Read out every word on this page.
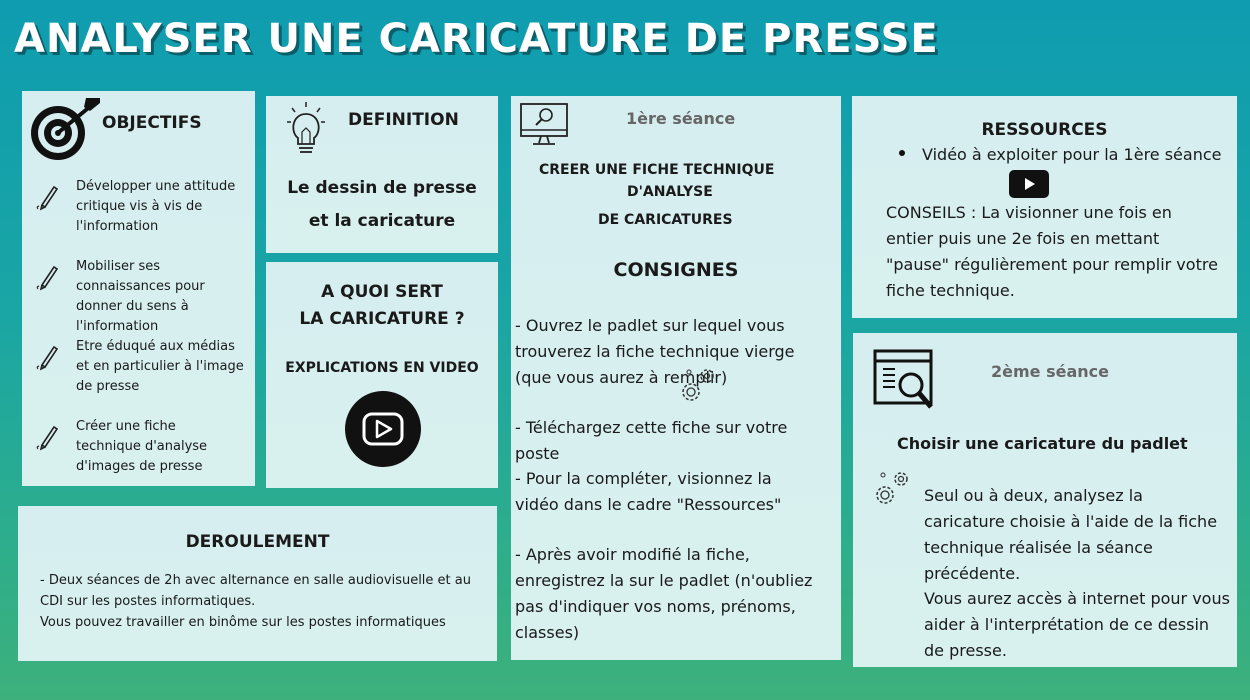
ANALYSER UNE CARICATURE DE PRESSE
OBJECTIFS
Développer une attitude critique vis à vis de l'information
Mobiliser ses connaissances pour donner du sens à l'information
Etre éduqué aux médias et en particulier à l'image de presse
Créer une fiche technique d'analyse d'images de presse
DEFINITION
Le dessin de presse
et la caricature
A QUOI SERT
LA CARICATURE ?
EXPLICATIONS EN VIDEO
DEROULEMENT
- Deux séances de 2h avec alternance en salle audiovisuelle et au CDI sur les postes informatiques.
Vous pouvez travailler en binôme sur les postes informatiques
1ère séance
CREER UNE FICHE TECHNIQUE
D'ANALYSE
DE CARICATURES
CONSIGNES
- Ouvrez le padlet sur lequel vous trouverez la fiche technique vierge (que vous aurez à remplir)
- Téléchargez cette fiche sur votre poste
- Pour la compléter, visionnez la vidéo dans le cadre "Ressources"
- Après avoir modifié la fiche, enregistrez la sur le padlet (n'oubliez pas d'indiquer vos noms, prénoms, classes)
RESSOURCES
Vidéo à exploiter pour la 1ère séance
CONSEILS : La visionner une fois en entier puis une 2e fois en mettant "pause" régulièrement pour remplir votre fiche technique.
2ème séance
Choisir une caricature du padlet
Seul ou à deux, analysez la caricature choisie à l'aide de la fiche technique réalisée la séance précédente.
Vous aurez accès à internet pour vous aider à l'interprétation de ce dessin de presse.
